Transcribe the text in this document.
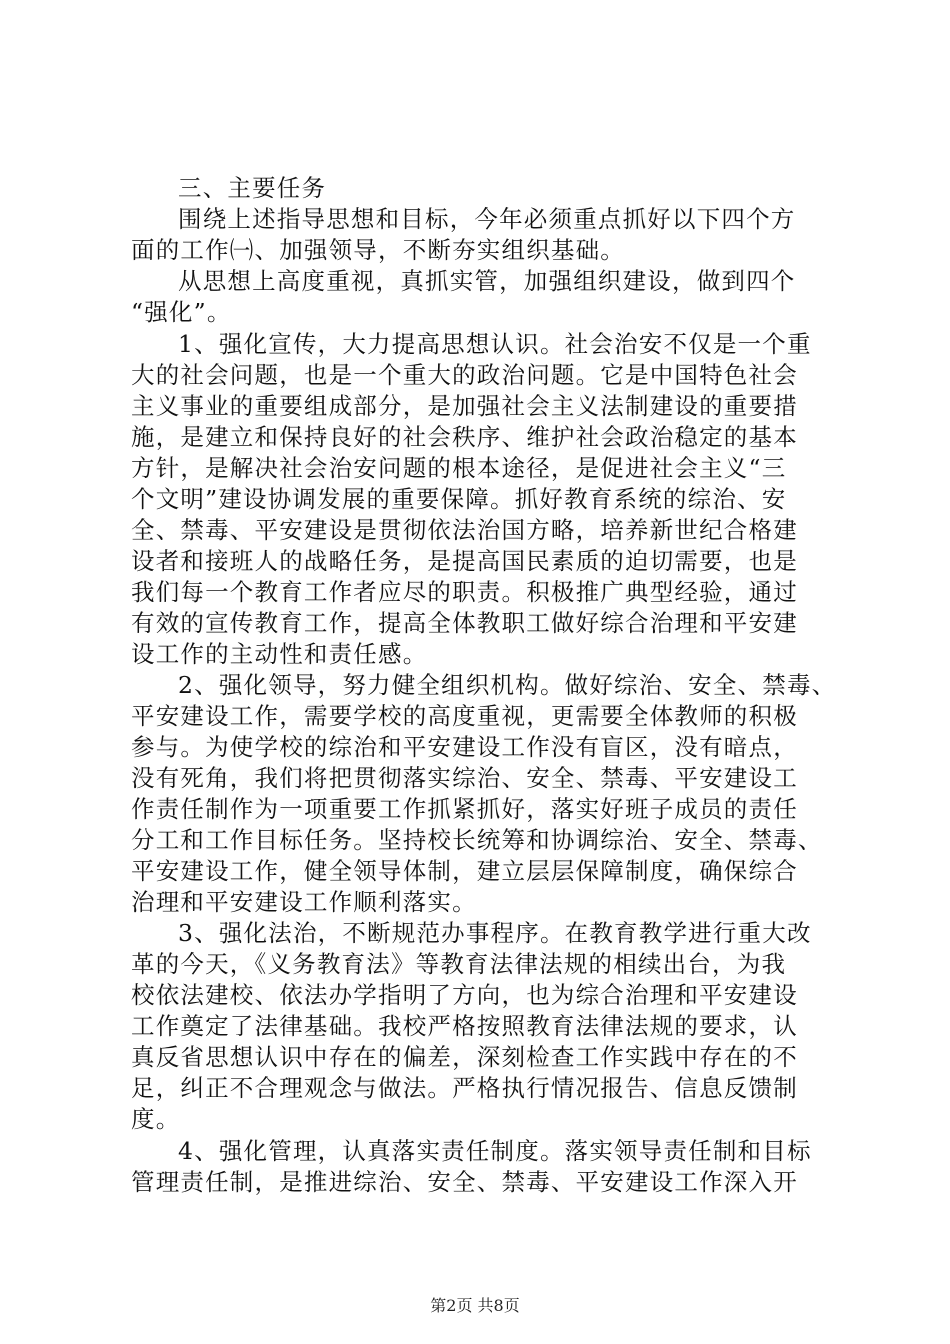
三、主要任务
围绕上述指导思想和目标，今年必须重点抓好以下四个方
面的工作㈠、加强领导，不断夯实组织基础。
从思想上高度重视，真抓实管，加强组织建设，做到四个
“强化”。
1、强化宣传，大力提高思想认识。社会治安不仅是一个重
大的社会问题，也是一个重大的政治问题。它是中国特色社会
主义事业的重要组成部分，是加强社会主义法制建设的重要措
施，是建立和保持良好的社会秩序、维护社会政治稳定的基本
方针，是解决社会治安问题的根本途径，是促进社会主义“三
个文明”建设协调发展的重要保障。抓好教育系统的综治、安
全、禁毒、平安建设是贯彻依法治国方略，培养新世纪合格建
设者和接班人的战略任务，是提高国民素质的迫切需要，也是
我们每一个教育工作者应尽的职责。积极推广典型经验，通过
有效的宣传教育工作，提高全体教职工做好综合治理和平安建
设工作的主动性和责任感。
2、强化领导，努力健全组织机构。做好综治、安全、禁毒、
平安建设工作，需要学校的高度重视，更需要全体教师的积极
参与。为使学校的综治和平安建设工作没有盲区，没有暗点，
没有死角，我们将把贯彻落实综治、安全、禁毒、平安建设工
作责任制作为一项重要工作抓紧抓好，落实好班子成员的责任
分工和工作目标任务。坚持校长统筹和协调综治、安全、禁毒、
平安建设工作，健全领导体制，建立层层保障制度，确保综合
治理和平安建设工作顺利落实。
3、强化法治，不断规范办事程序。在教育教学进行重大改
革的今天，《义务教育法》等教育法律法规的相续出台，为我
校依法建校、依法办学指明了方向，也为综合治理和平安建设
工作奠定了法律基础。我校严格按照教育法律法规的要求，认
真反省思想认识中存在的偏差，深刻检查工作实践中存在的不
足，纠正不合理观念与做法。严格执行情况报告、信息反馈制
度。
4、强化管理，认真落实责任制度。落实领导责任制和目标
管理责任制，是推进综治、安全、禁毒、平安建设工作深入开
第2页 共8页
